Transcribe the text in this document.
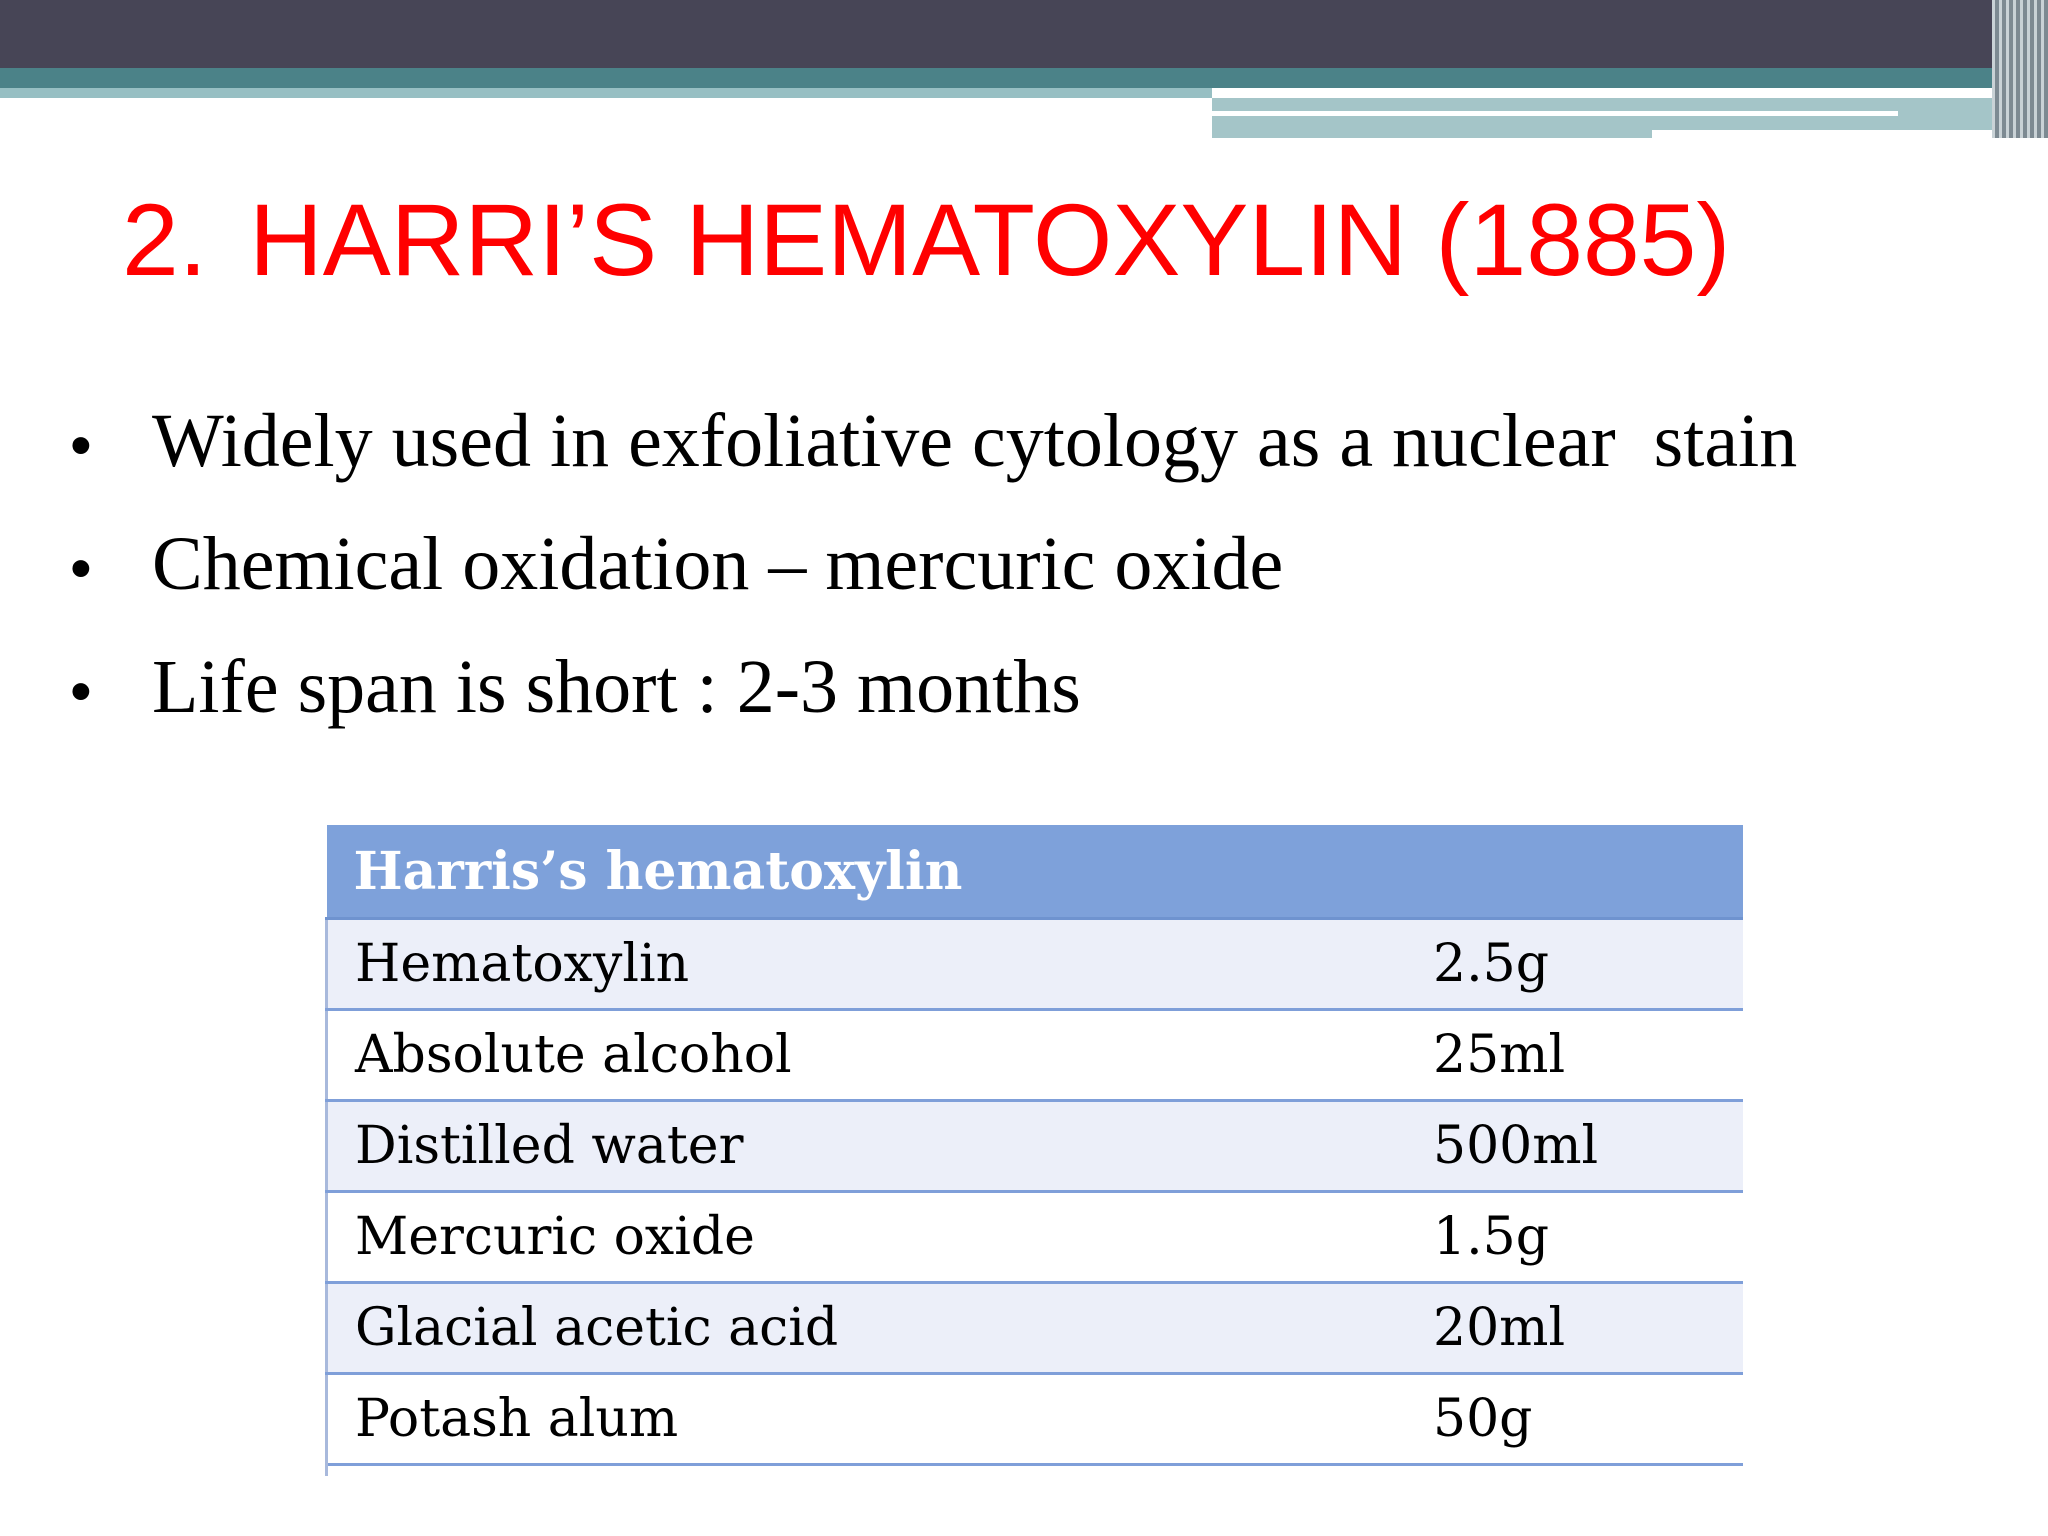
2. HARRI’S HEMATOXYLIN (1885)
• Widely used in exfoliative cytology as a nuclear  stain
• Chemical oxidation – mercuric oxide
• Life span is short : 2-3 months
Harris’s hematoxylin	
Hematoxylin	2.5g
Absolute alcohol	25ml
Distilled water	500ml
Mercuric oxide	1.5g
Glacial acetic acid	20ml
Potash alum	50g
